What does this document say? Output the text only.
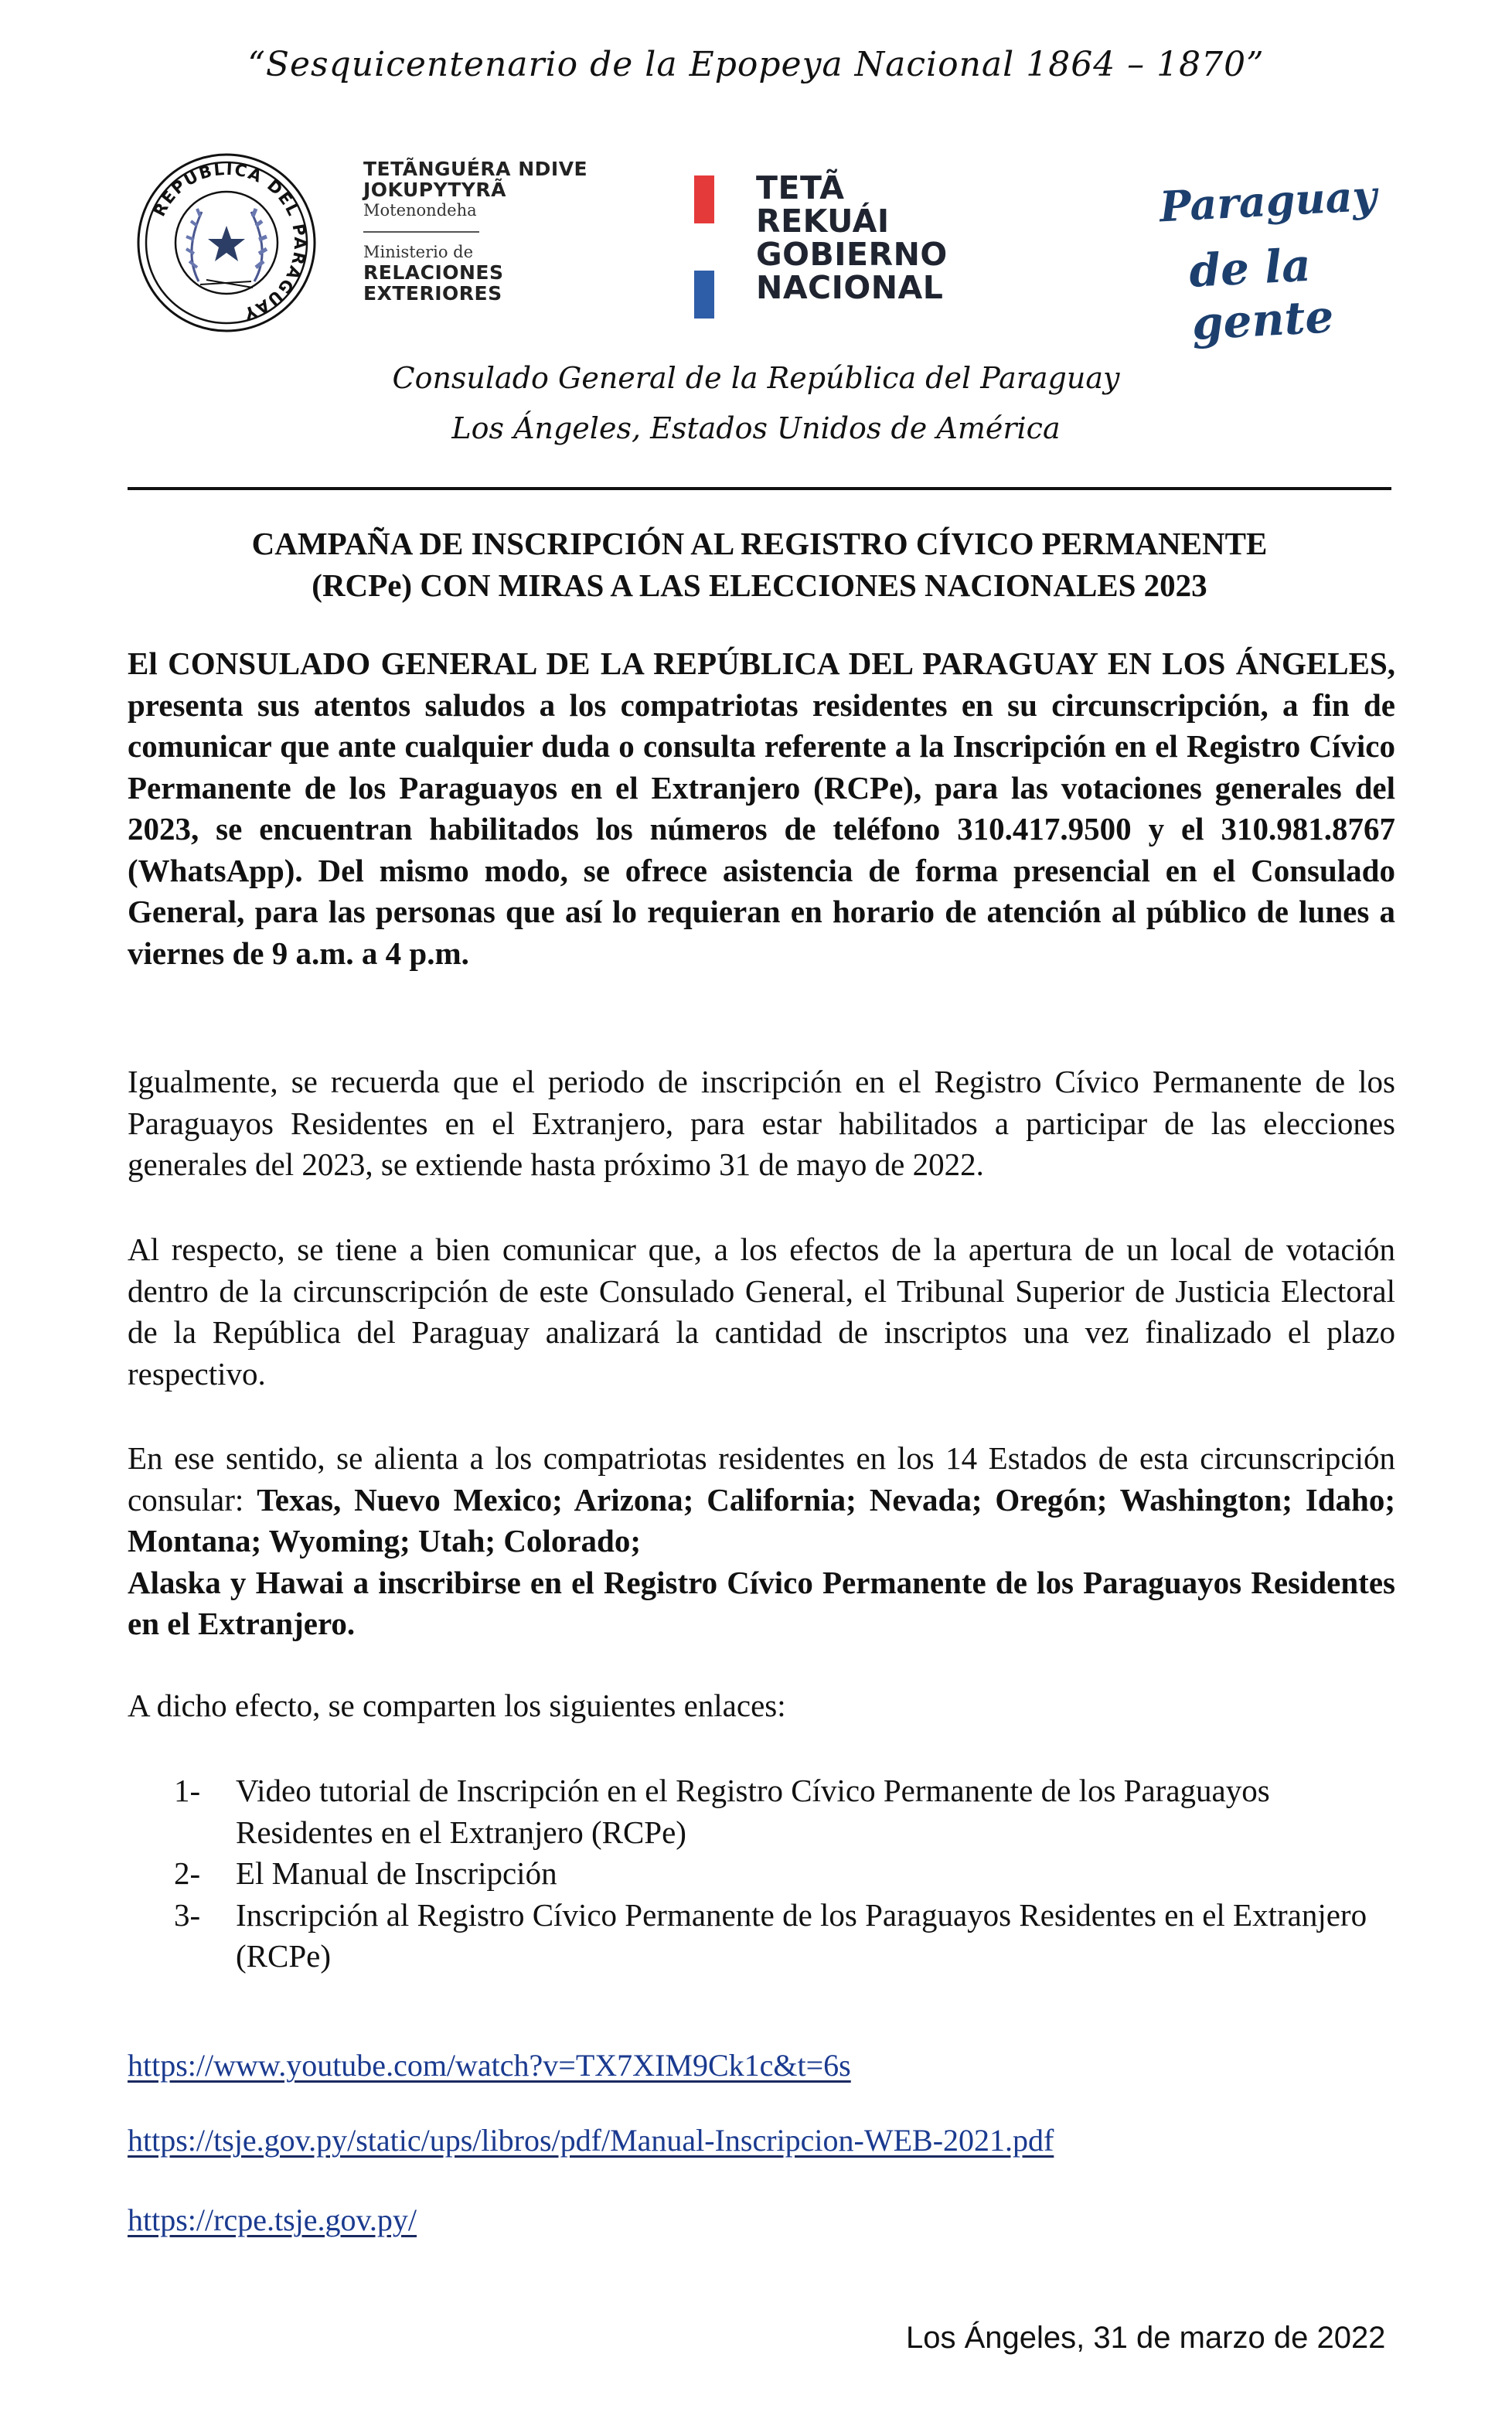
“Sesquicentenario de la Epopeya Nacional 1864 – 1870”
REPUBLICA DEL PARAGUAY
TETÃNGUÉRA NDIVE
JOKUPYTYRÃ
Motenondeha
Ministerio de
RELACIONES
EXTERIORES
TETÃ
REKUÁI
GOBIERNO
NACIONAL
Paraguay
de la gente
Consulado General de la República del Paraguay
Los Ángeles, Estados Unidos de América
CAMPAÑA DE INSCRIPCIÓN AL REGISTRO CÍVICO PERMANENTE
(RCPe) CON MIRAS A LAS ELECCIONES NACIONALES 2023
El CONSULADO GENERAL DE LA REPÚBLICA DEL PARAGUAY EN LOS ÁNGELES, presenta sus atentos saludos a los compatriotas residentes en su circunscripción, a fin de comunicar que ante cualquier duda o consulta referente a la Inscripción en el Registro Cívico Permanente de los Paraguayos en el Extranjero (RCPe), para las votaciones generales del 2023, se encuentran habilitados los números de teléfono 310.417.9500 y el 310.981.8767 (WhatsApp). Del mismo modo, se ofrece asistencia de forma presencial en el Consulado General, para las personas que así lo requieran en horario de atención al público de lunes a viernes de 9 a.m. a 4 p.m.
Igualmente, se recuerda que el periodo de inscripción en el Registro Cívico Permanente de los Paraguayos Residentes en el Extranjero, para estar habilitados a participar de las elecciones generales del 2023, se extiende hasta próximo 31 de mayo de 2022.
Al respecto, se tiene a bien comunicar que, a los efectos de la apertura de un local de votación dentro de la circunscripción de este Consulado General, el Tribunal Superior de Justicia Electoral de la República del Paraguay analizará la cantidad de inscriptos una vez finalizado el plazo respectivo.
En ese sentido, se alienta a los compatriotas residentes en los 14 Estados de esta circunscripción consular: Texas, Nuevo Mexico; Arizona; California; Nevada; Oregón; Washington; Idaho; Montana; Wyoming; Utah; Colorado;
Alaska y Hawai a inscribirse en el Registro Cívico Permanente de los Paraguayos Residentes en el Extranjero.
A dicho efecto, se comparten los siguientes enlaces:
1-	Video tutorial de Inscripción en el Registro Cívico Permanente de los Paraguayos Residentes en el Extranjero (RCPe)
2-	El Manual de Inscripción
3-	Inscripción al Registro Cívico Permanente de los Paraguayos Residentes en el Extranjero (RCPe)
https://www.youtube.com/watch?v=TX7XIM9Ck1c&t=6s
https://tsje.gov.py/static/ups/libros/pdf/Manual-Inscripcion-WEB-2021.pdf
https://rcpe.tsje.gov.py/
Los Ángeles, 31 de marzo de 2022
